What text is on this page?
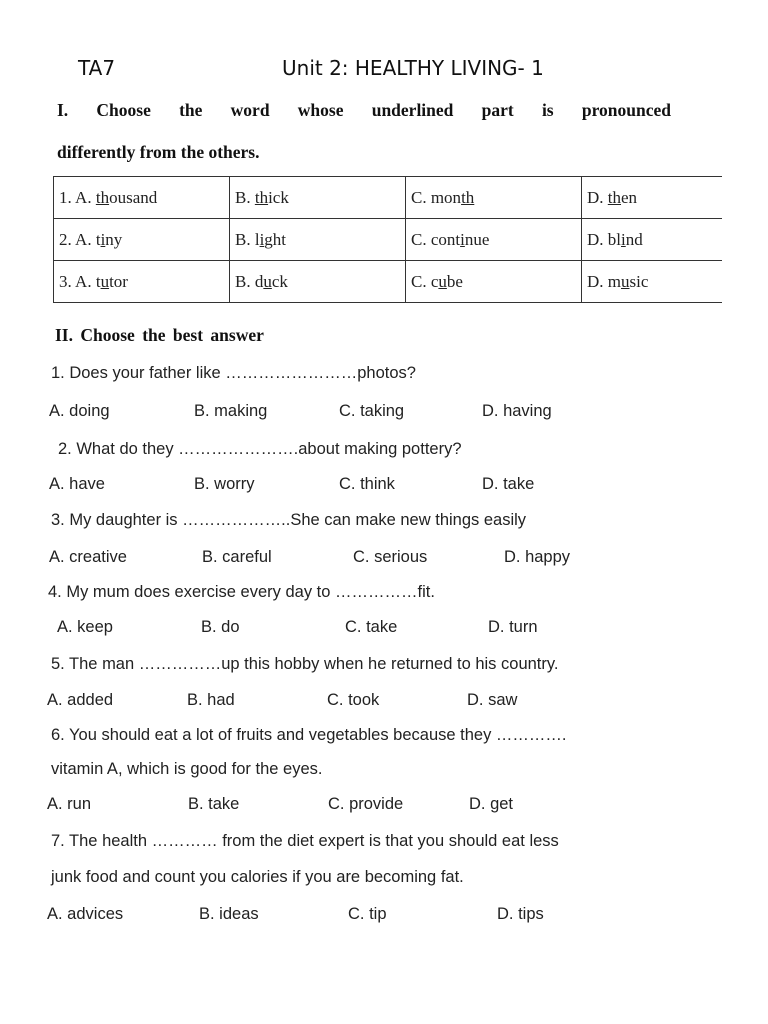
TA7	Unit 2: HEALTHY LIVING- 1
I. Choose the word whose underlined part is pronounced
differently from the others.
1. A. thousand	B. thick	C. month	D. then
2. A. tiny	B. light	C. continue	D. blind
3. A. tutor	B. duck	C. cube	D. music
II. Choose the best answer
1. Does your father like ……………………photos?
A. doing	B. making	C. taking	D. having
2. What do they ………………….about making pottery?
A. have	B. worry	C. think	D. take
3. My daughter is ………………..She can make new things easily
A. creative	B. careful	C. serious	D. happy
4. My mum does exercise every day to ……………fit.
A. keep	B. do	C. take	D. turn
5. The man ……………up this hobby when he returned to his country.
A. added	B. had	C. took	D. saw
6. You should eat a lot of fruits and vegetables because they ………….
vitamin A, which is good for the eyes.
A. run	B. take	C. provide	D. get
7. The health ………… from the diet expert is that you should eat less
junk food and count you calories if you are becoming fat.
A. advices	B. ideas	C. tip	D. tips
